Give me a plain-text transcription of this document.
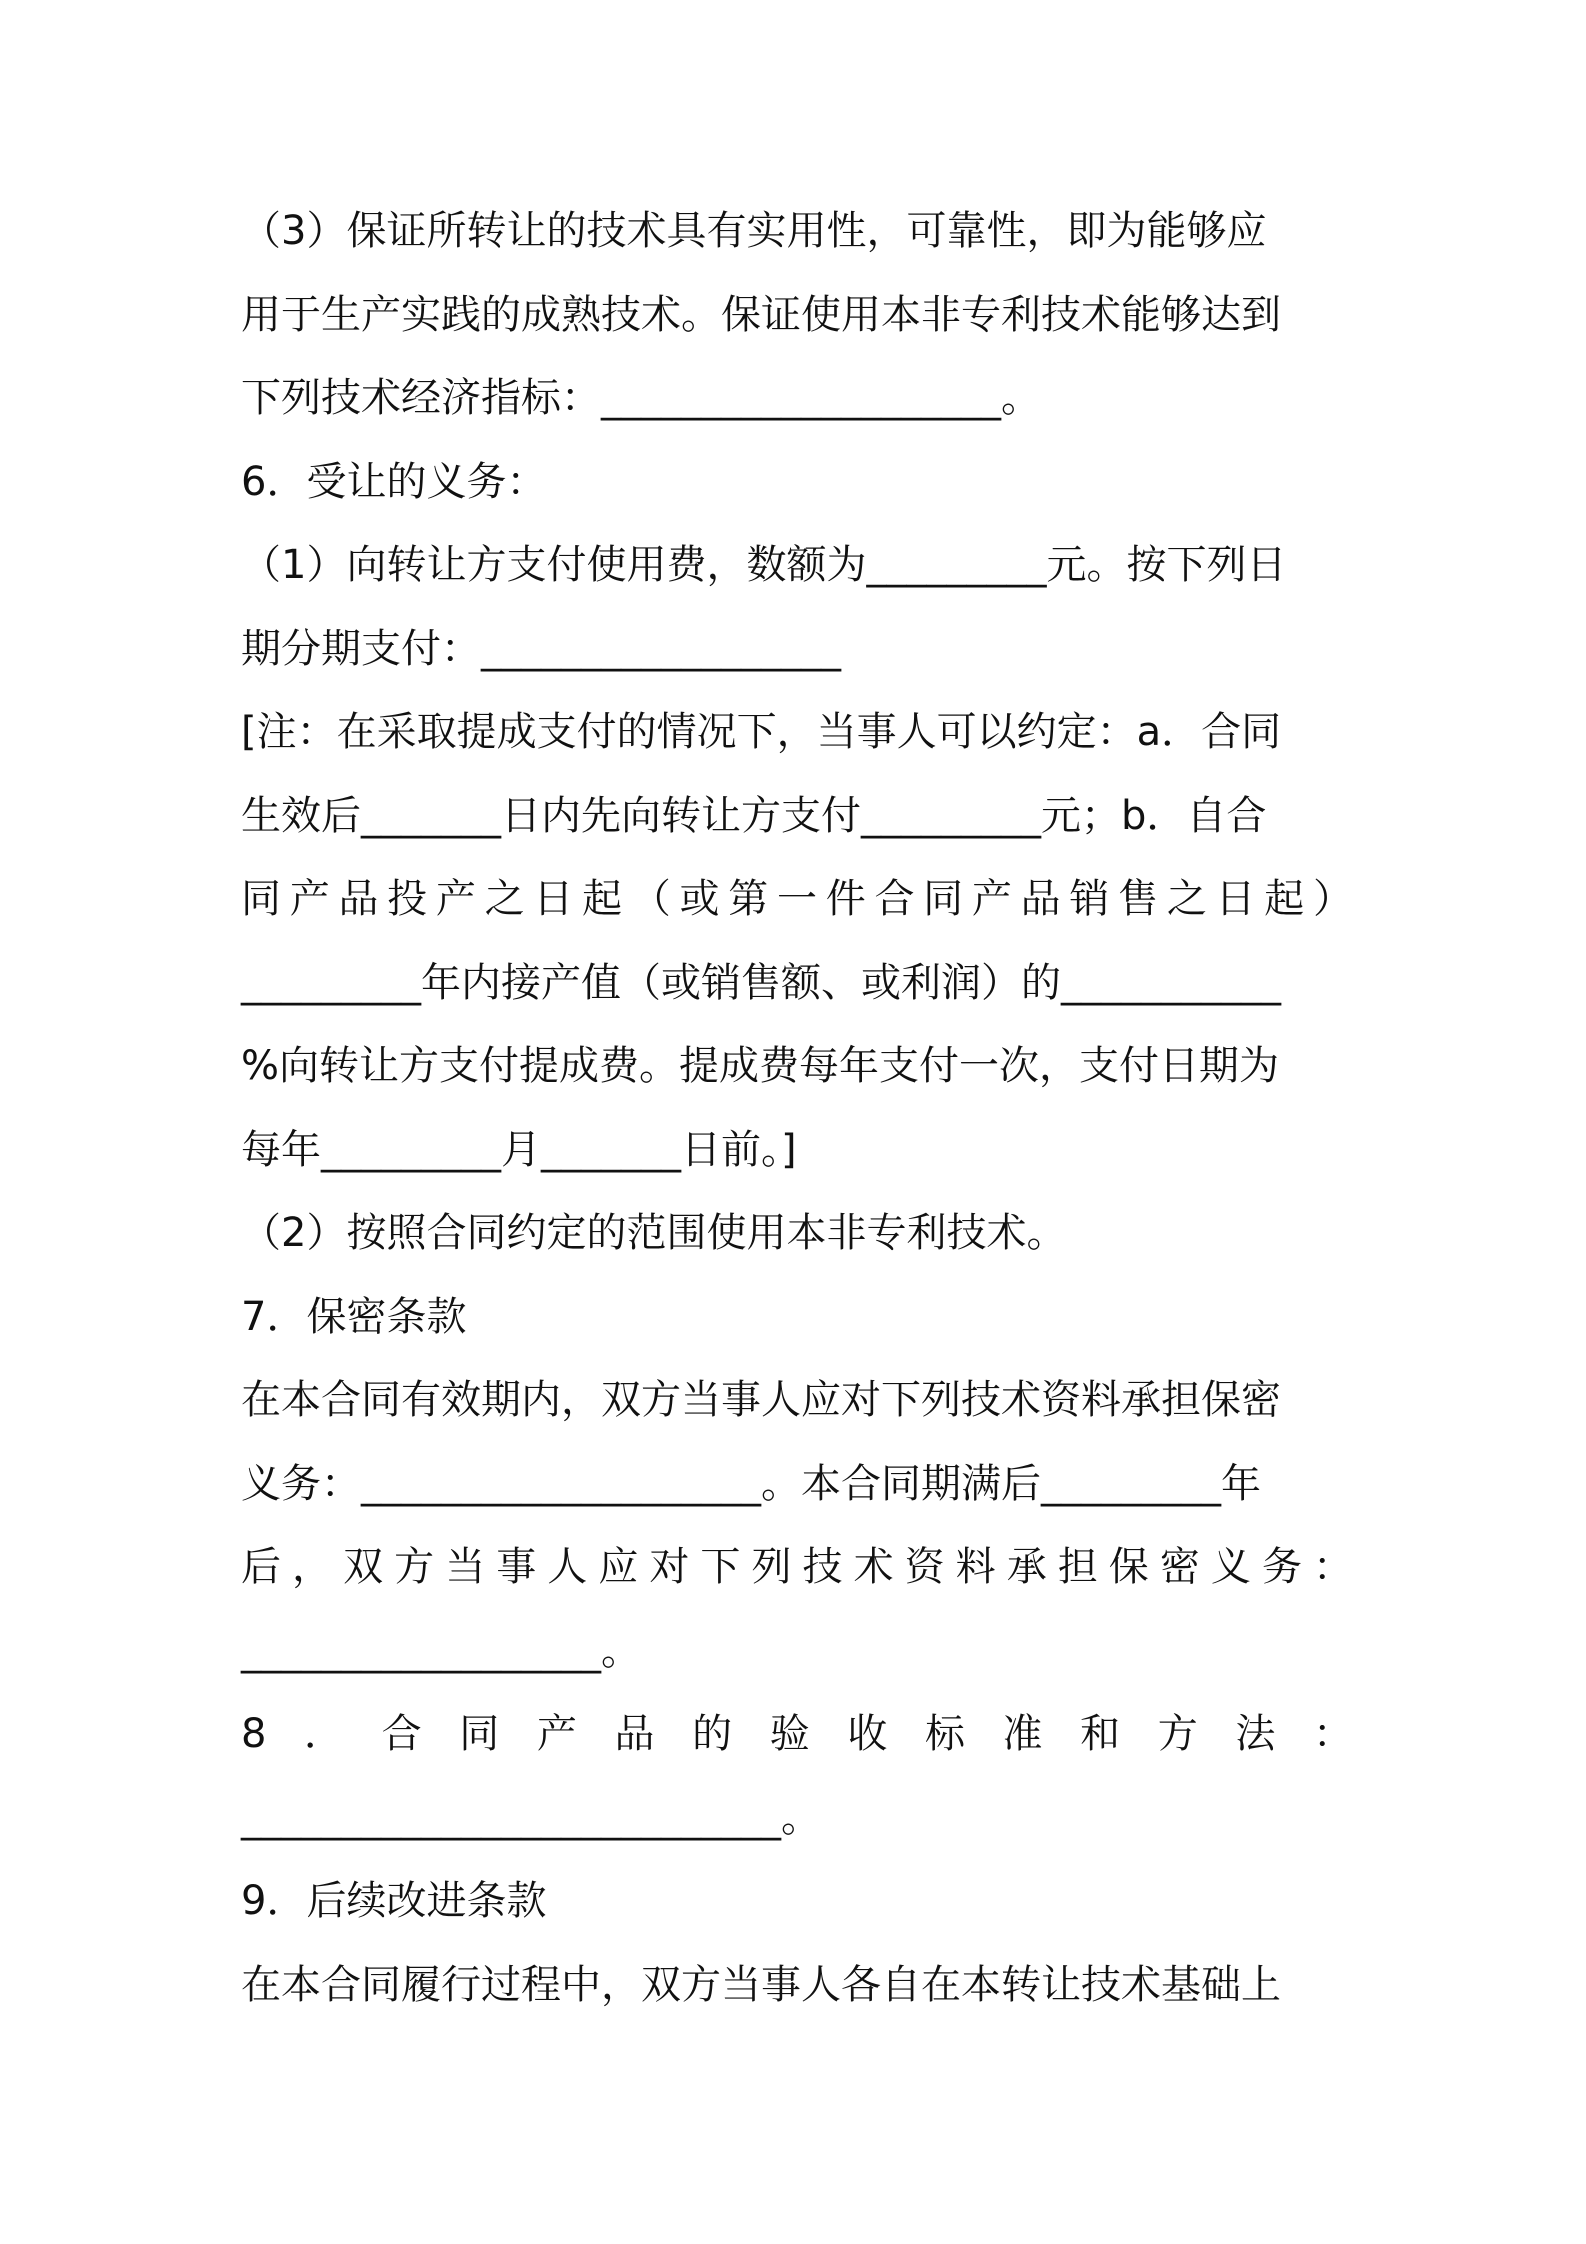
（3）保证所转让的技术具有实用性，可靠性，即为能够应
用于生产实践的成熟技术。保证使用本非专利技术能够达到
下列技术经济指标：____________________。
6．受让的义务：
（1）向转让方支付使用费，数额为_________元。按下列日
期分期支付：__________________
[注：在采取提成支付的情况下，当事人可以约定：a．合同
生效后_______日内先向转让方支付_________元；b．自合
同产品投产之日起（或第一件合同产品销售之日起）
_________年内接产值（或销售额、或利润）的___________
%向转让方支付提成费。提成费每年支付一次，支付日期为
每年_________月_______日前。]
（2）按照合同约定的范围使用本非专利技术。
7．保密条款
在本合同有效期内，双方当事人应对下列技术资料承担保密
义务：____________________。本合同期满后_________年
后，双方当事人应对下列技术资料承担保密义务：
__________________。
8．合同产品的验收标准和方法：
___________________________。
9．后续改进条款
在本合同履行过程中，双方当事人各自在本转让技术基础上
